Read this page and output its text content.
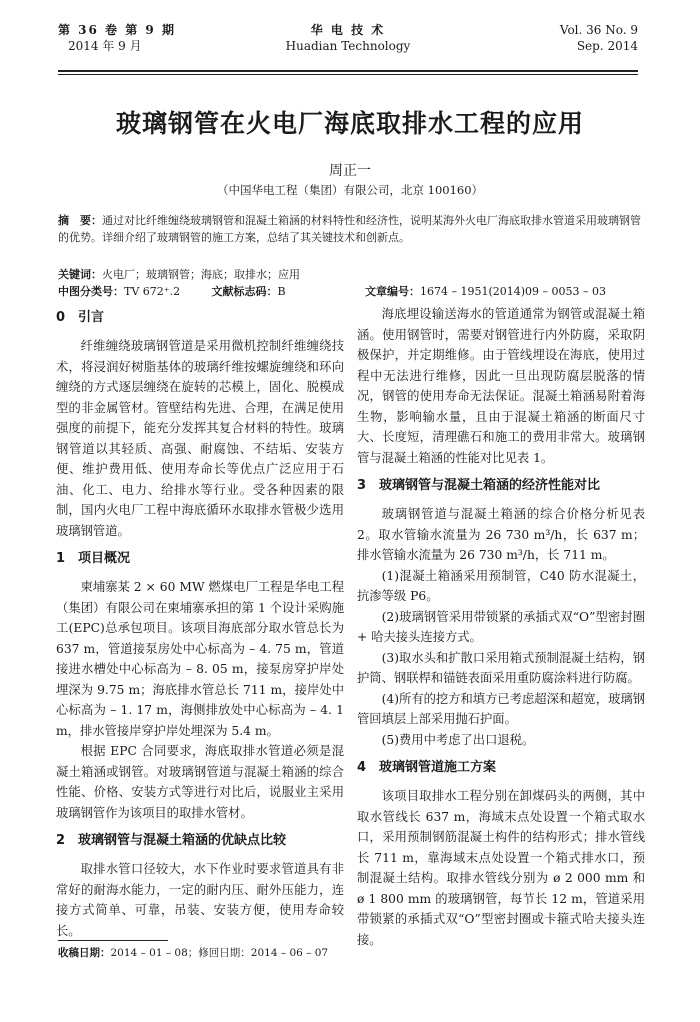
第 36 卷 第 9 期
2014 年 9 月
华 电 技 术
Huadian Technology
Vol. 36 No. 9
Sep. 2014
玻璃钢管在火电厂海底取排水工程的应用
周正一
（中国华电工程（集团）有限公司，北京 100160）
摘　要：通过对比纤维缠绕玻璃钢管和混凝土箱涵的材料特性和经济性，说明某海外火电厂海底取排水管道采用玻璃钢管的优势。详细介绍了玻璃钢管的施工方案，总结了其关键技术和创新点。
关键词：火电厂；玻璃钢管；海底；取排水；应用
中图分类号：TV 672⁺.2	文献标志码：B	文章编号：1674 – 1951(2014)09 – 0053 – 03
0 引言

纤维缠绕玻璃钢管道是采用微机控制纤维缠绕技术，将浸润好树脂基体的玻璃纤维按螺旋缠绕和环向缠绕的方式逐层缠绕在旋转的芯模上，固化、脱模成型的非金属管材。管壁结构先进、合理，在满足使用强度的前提下，能充分发挥其复合材料的特性。玻璃钢管道以其轻质、高强、耐腐蚀、不结垢、安装方便、维护费用低、使用寿命长等优点广泛应用于石油、化工、电力、给排水等行业。受各种因素的限制，国内火电厂工程中海底循环水取排水管极少选用玻璃钢管道。

1 项目概况

柬埔寨某 2 × 60 MW 燃煤电厂工程是华电工程（集团）有限公司在柬埔寨承担的第 1 个设计采购施工(EPC)总承包项目。该项目海底部分取水管总长为 637 m，管道接泵房处中心标高为 – 4. 75 m，管道接进水槽处中心标高为 – 8. 05 m，接泵房穿护岸处埋深为 9.75 m；海底排水管总长 711 m，接岸处中心标高为 – 1. 17 m，海侧排放处中心标高为 – 4. 1 m，排水管接岸穿护岸处埋深为 5.4 m。

根据 EPC 合同要求，海底取排水管道必须是混凝土箱涵或钢管。对玻璃钢管道与混凝土箱涵的综合性能、价格、安装方式等进行对比后，说服业主采用玻璃钢管作为该项目的取排水管材。

2 玻璃钢管与混凝土箱涵的优缺点比较

取排水管口径较大，水下作业时要求管道具有非常好的耐海水能力，一定的耐内压、耐外压能力，连接方式简单、可靠，吊装、安装方便，使用寿命较长。

海底埋设输送海水的管道通常为钢管或混凝土箱涵。使用钢管时，需要对钢管进行内外防腐，采取阴极保护，并定期维修。由于管线埋设在海底，使用过程中无法进行维修，因此一旦出现防腐层脱落的情况，钢管的使用寿命无法保证。混凝土箱涵易附着海生物，影响输水量，且由于混凝土箱涵的断面尺寸大、长度短，清理礁石和施工的费用非常大。玻璃钢管与混凝土箱涵的性能对比见表 1。

3 玻璃钢管与混凝土箱涵的经济性能对比

玻璃钢管道与混凝土箱涵的综合价格分析见表 2。取水管输水流量为 26 730 m³/h，长 637 m；排水管输水流量为 26 730 m³/h，长 711 m。

(1)混凝土箱涵采用预制管，C40 防水混凝土，抗渗等级 P6。

(2)玻璃钢管采用带锁紧的承插式双“O”型密封圈 + 哈夫接头连接方式。

(3)取水头和扩散口采用箱式预制混凝土结构，钢护筒、钢联桿和锚链表面采用重防腐涂料进行防腐。

(4)所有的挖方和填方已考虑超深和超宽，玻璃钢管回填层上部采用抛石护面。

(5)费用中考虑了出口退税。

4 玻璃钢管道施工方案

该项目取排水工程分别在卸煤码头的两侧，其中取水管线长 637 m，海域末点处设置一个箱式取水口，采用预制钢筋混凝土构件的结构形式；排水管线长 711 m，靠海域末点处设置一个箱式排水口，预制混凝土结构。取排水管线分别为 ø 2 000 mm 和 ø 1 800 mm 的玻璃钢管，每节长 12 m，管道采用带锁紧的承插式双“O”型密封圈或卡箍式哈夫接头连接。

收稿日期：2014 – 01 – 08；修回日期：2014 – 06 – 07
